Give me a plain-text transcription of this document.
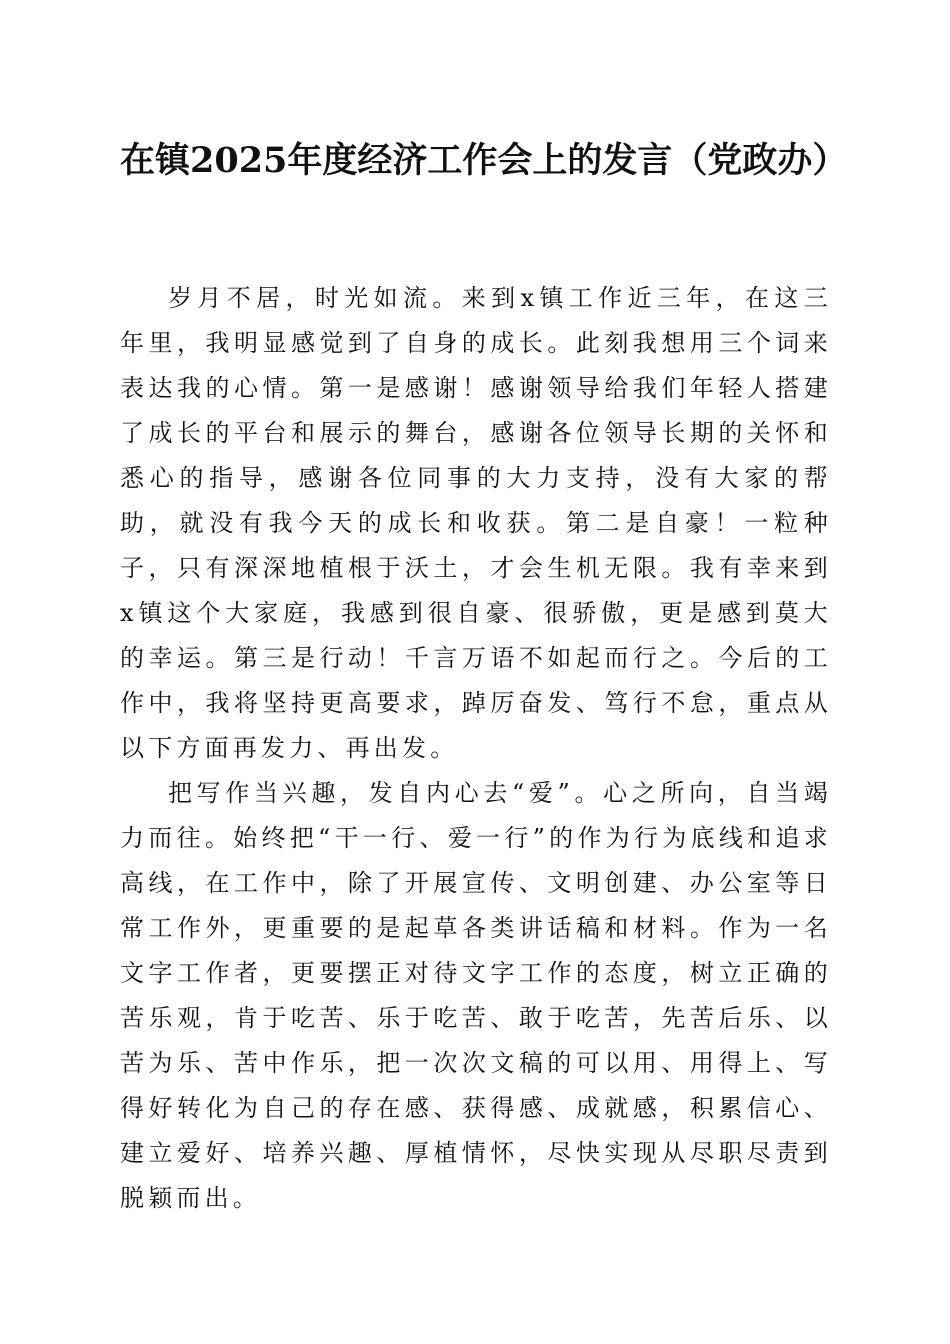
在镇2025年度经济工作会上的发言（党政办）

岁月不居，时光如流。来到x镇工作近三年，在这三年里，我明显感觉到了自身的成长。此刻我想用三个词来表达我的心情。第一是感谢！感谢领导给我们年轻人搭建了成长的平台和展示的舞台，感谢各位领导长期的关怀和悉心的指导，感谢各位同事的大力支持，没有大家的帮助，就没有我今天的成长和收获。第二是自豪！一粒种子，只有深深地植根于沃土，才会生机无限。我有幸来到x镇这个大家庭，我感到很自豪、很骄傲，更是感到莫大的幸运。第三是行动！千言万语不如起而行之。今后的工作中，我将坚持更高要求，踔厉奋发、笃行不怠，重点从以下方面再发力、再出发。

把写作当兴趣，发自内心去“爱”。心之所向，自当竭力而往。始终把“干一行、爱一行”的作为行为底线和追求高线，在工作中，除了开展宣传、文明创建、办公室等日常工作外，更重要的是起草各类讲话稿和材料。作为一名文字工作者，更要摆正对待文字工作的态度，树立正确的苦乐观，肯于吃苦、乐于吃苦、敢于吃苦，先苦后乐、以苦为乐、苦中作乐，把一次次文稿的可以用、用得上、写得好转化为自己的存在感、获得感、成就感，积累信心、建立爱好、培养兴趣、厚植情怀，尽快实现从尽职尽责到脱颖而出。
